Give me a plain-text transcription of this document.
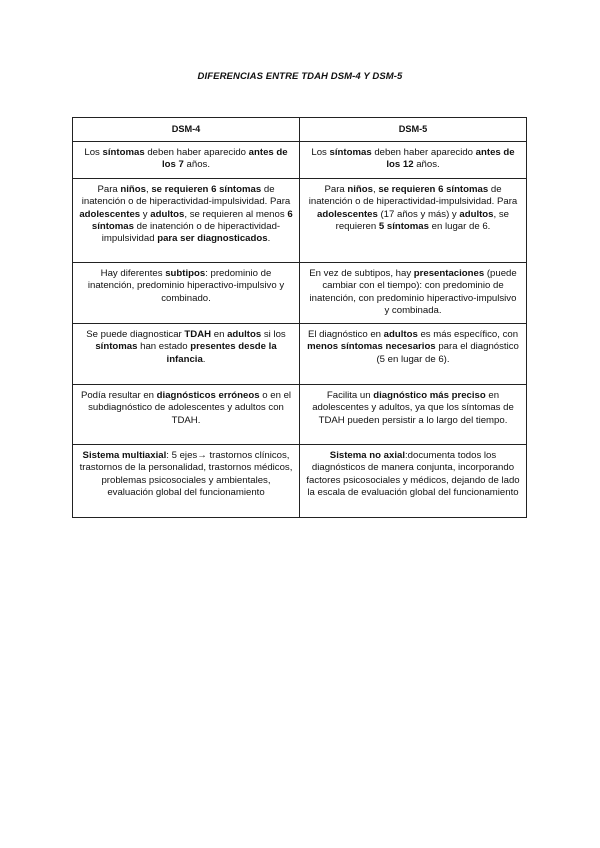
DIFERENCIAS ENTRE TDAH DSM-4 Y DSM-5
DSM-4	DSM-5
Los síntomas deben haber aparecido antes de los 7 años.	Los síntomas deben haber aparecido antes de los 12 años.
Para niños, se requieren 6 síntomas de inatención o de hiperactividad-impulsividad. Para adolescentes y adultos, se requieren al menos 6 síntomas de inatención o de hiperactividad-impulsividad para ser diagnosticados.	Para niños, se requieren 6 síntomas de inatención o de hiperactividad-impulsividad. Para adolescentes (17 años y más) y adultos, se requieren 5 síntomas en lugar de 6.
Hay diferentes subtipos: predominio de inatención, predominio hiperactivo-impulsivo y combinado.	En vez de subtipos, hay presentaciones (puede cambiar con el tiempo): con predominio de inatención, con predominio hiperactivo-impulsivo y combinada.
Se puede diagnosticar TDAH en adultos si los síntomas han estado presentes desde la infancia.	El diagnóstico en adultos es más específico, con menos síntomas necesarios para el diagnóstico (5 en lugar de 6).
Podía resultar en diagnósticos erróneos o en el subdiagnóstico de adolescentes y adultos con TDAH.	Facilita un diagnóstico más preciso en adolescentes y adultos, ya que los síntomas de TDAH pueden persistir a lo largo del tiempo.
Sistema multiaxial: 5 ejes→ trastornos clínicos, trastornos de la personalidad, trastornos médicos, problemas psicosociales y ambientales, evaluación global del funcionamiento	Sistema no axial:documenta todos los diagnósticos de manera conjunta, incorporando factores psicosociales y médicos, dejando de lado la escala de evaluación global del funcionamiento
